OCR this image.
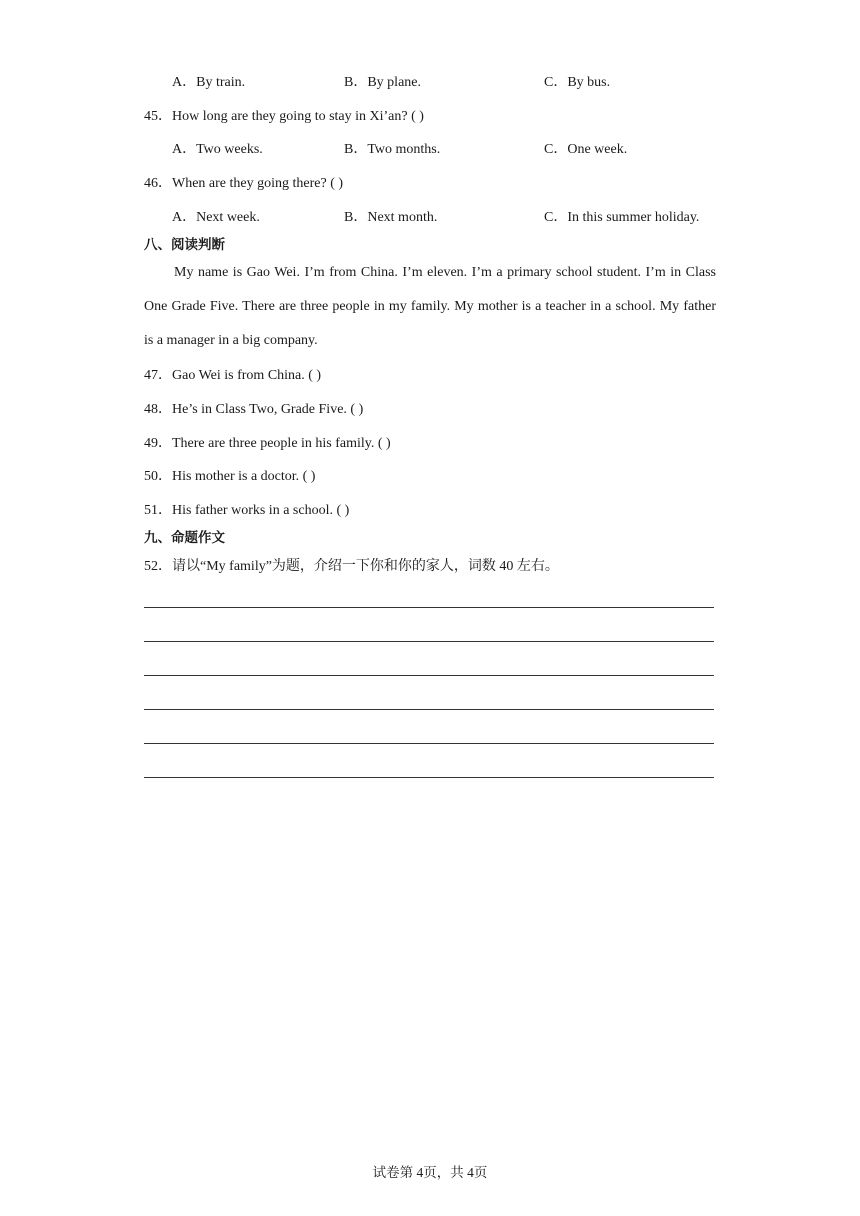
A．By train.	B．By plane.	C．By bus.
45．How long are they going to stay in Xi’an? ( )
A．Two weeks.	B．Two months.	C．One week.
46．When are they going there? ( )
A．Next week.	B．Next month.	C．In this summer holiday.
八、阅读判断

My name is Gao Wei. I’m from China. I’m eleven. I’m a primary school student. I’m in Class One Grade Five. There are three people in my family. My mother is a teacher in a school. My father is a manager in a big company.

47．Gao Wei is from China. ( )
48．He’s in Class Two, Grade Five. ( )
49．There are three people in his family. ( )
50．His mother is a doctor. ( )
51．His father works in a school. ( )
九、命题作文
52．请以“My family”为题，介绍一下你和你的家人，词数 40 左右。
试卷第 4页，共 4页
